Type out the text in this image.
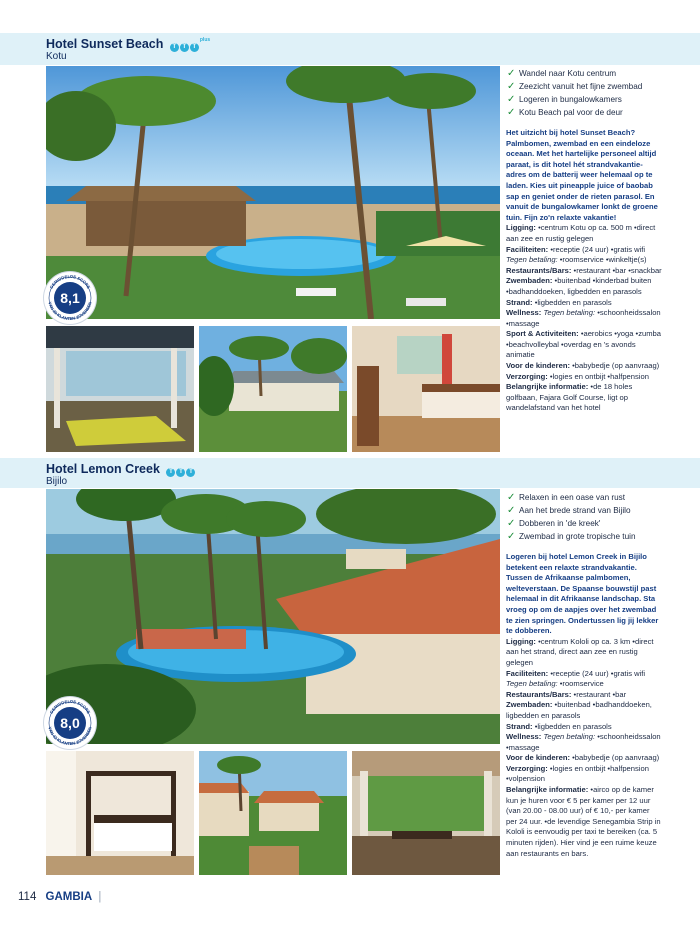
Hotel Sunset Beach T T $T^{plus}$
Kotu
GEMIDDELDE SCORE
VAN 30 KLANTEN ZOVERSEN
8,1
✓ Wandel naar Kotu centrum
✓ Zeezicht vanuit het fijne zwembad
✓ Logeren in bungalowkamers
✓ Kotu Beach pal voor de deur

Het uitzicht bij hotel Sunset Beach? Palmbomen, zwembad en een eindeloze oceaan. Met het hartelijke personeel altijd paraat, is dit hotel hét strandvakantie-adres om de batterij weer helemaal op te laden. Kies uit pineapple juice of baobab sap en geniet onder de rieten parasol. En vanuit de bungalowkamer lonkt de groene tuin. Fijn zo'n relaxte vakantie!

Ligging: •centrum Kotu op ca. 500 m •direct aan zee en rustig gelegen
Faciliteiten: •receptie (24 uur) •gratis wifi Tegen betaling: •roomservice •winkeltje(s)
Restaurants/Bars: •restaurant •bar •snackbar
Zwembaden: •buitenbad •kinderbad buiten •badhanddoeken, ligbedden en parasols
Strand: •ligbedden en parasols
Wellness: Tegen betaling: •schoonheidssalon •massage
Sport & Activiteiten: •aerobics •yoga •zumba •beachvolleybal •overdag en 's avonds animatie
Voor de kinderen: •babybedje (op aanvraag)
Verzorging: •logies en ontbijt •halfpension
Belangrijke informatie: •de 18 holes golfbaan, Fajara Golf Course, ligt op wandelafstand van het hotel
Hotel Lemon Creek T T T
Bijilo
GEMIDDELDE SCORE
VAN 42 KLANTEN ZOVERSEN
8,0
✓ Relaxen in een oase van rust
✓ Aan het brede strand van Bijilo
✓ Dobberen in 'de kreek'
✓ Zwembad in grote tropische tuin

Logeren bij hotel Lemon Creek in Bijilo betekent een relaxte strandvakantie. Tussen de Afrikaanse palmbomen, welteverstaan. De Spaanse bouwstijl past helemaal in dit Afrikaanse landschap. Sta vroeg op om de aapjes over het zwembad te zien springen. Ondertussen lig jij lekker te dobberen.

Ligging: •centrum Kololi op ca. 3 km •direct aan het strand, direct aan zee en rustig gelegen
Faciliteiten: •receptie (24 uur) •gratis wifi Tegen betaling: •roomservice
Restaurants/Bars: •restaurant •bar
Zwembaden: •buitenbad •badhanddoeken, ligbedden en parasols
Strand: •ligbedden en parasols
Wellness: Tegen betaling: •schoonheidssalon •massage
Voor de kinderen: •babybedje (op aanvraag)
Verzorging: •logies en ontbijt •halfpension •volpension
Belangrijke informatie: •airco op de kamer kun je huren voor € 5 per kamer per 12 uur (van 20.00 - 08.00 uur) of € 10,- per kamer per 24 uur. •de levendige Senegambia Strip in Kololi is eenvoudig per taxi te bereiken (ca. 5 minuten rijden). Hier vind je een ruime keuze aan restaurants en bars.
114 GAMBIA |
